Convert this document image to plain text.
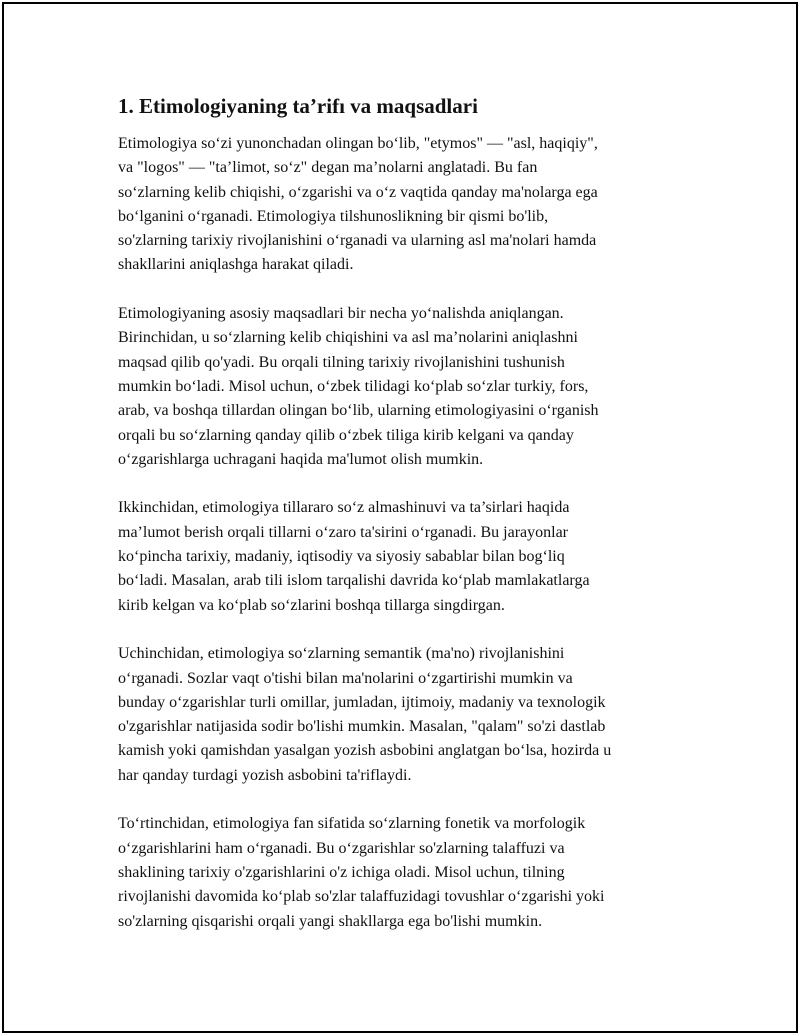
1. Etimologiyaning ta’rifı va maqsadlari

Etimologiya so‘zi yunonchadan olingan bo‘lib, "etymos" — "asl, haqiqiy",
va "logos" — "ta’limot, so‘z" degan ma’nolarni anglatadi. Bu fan
so‘zlarning kelib chiqishi, o‘zgarishi va o‘z vaqtida qanday ma'nolarga ega
bo‘lganini o‘rganadi. Etimologiya tilshunoslikning bir qismi bo'lib,
so'zlarning tarixiy rivojlanishini o‘rganadi va ularning asl ma'nolari hamda
shakllarini aniqlashga harakat qiladi.

Etimologiyaning asosiy maqsadlari bir necha yo‘nalishda aniqlangan.
Birinchidan, u so‘zlarning kelib chiqishini va asl ma’nolarini aniqlashni
maqsad qilib qo'yadi. Bu orqali tilning tarixiy rivojlanishini tushunish
mumkin bo‘ladi. Misol uchun, o‘zbek tilidagi ko‘plab so‘zlar turkiy, fors,
arab, va boshqa tillardan olingan bo‘lib, ularning etimologiyasini o‘rganish
orqali bu so‘zlarning qanday qilib o‘zbek tiliga kirib kelgani va qanday
o‘zgarishlarga uchragani haqida ma'lumot olish mumkin.

Ikkinchidan, etimologiya tillararo so‘z almashinuvi va ta’sirlari haqida
ma’lumot berish orqali tillarni o‘zaro ta'sirini o‘rganadi. Bu jarayonlar
ko‘pincha tarixiy, madaniy, iqtisodiy va siyosiy sabablar bilan bog‘liq
bo‘ladi. Masalan, arab tili islom tarqalishi davrida ko‘plab mamlakatlarga
kirib kelgan va ko‘plab so‘zlarini boshqa tillarga singdirgan.

Uchinchidan, etimologiya so‘zlarning semantik (ma'no) rivojlanishini
o‘rganadi. Sozlar vaqt o'tishi bilan ma'nolarini o‘zgartirishi mumkin va
bunday o‘zgarishlar turli omillar, jumladan, ijtimoiy, madaniy va texnologik
o'zgarishlar natijasida sodir bo'lishi mumkin. Masalan, "qalam" so'zi dastlab
kamish yoki qamishdan yasalgan yozish asbobini anglatgan bo‘lsa, hozirda u
har qanday turdagi yozish asbobini ta'riflaydi.

To‘rtinchidan, etimologiya fan sifatida so‘zlarning fonetik va morfologik
o‘zgarishlarini ham o‘rganadi. Bu o‘zgarishlar so'zlarning talaffuzi va
shaklining tarixiy o'zgarishlarini o'z ichiga oladi. Misol uchun, tilning
rivojlanishi davomida ko‘plab so'zlar talaffuzidagi tovushlar o‘zgarishi yoki
so'zlarning qisqarishi orqali yangi shakllarga ega bo'lishi mumkin.
